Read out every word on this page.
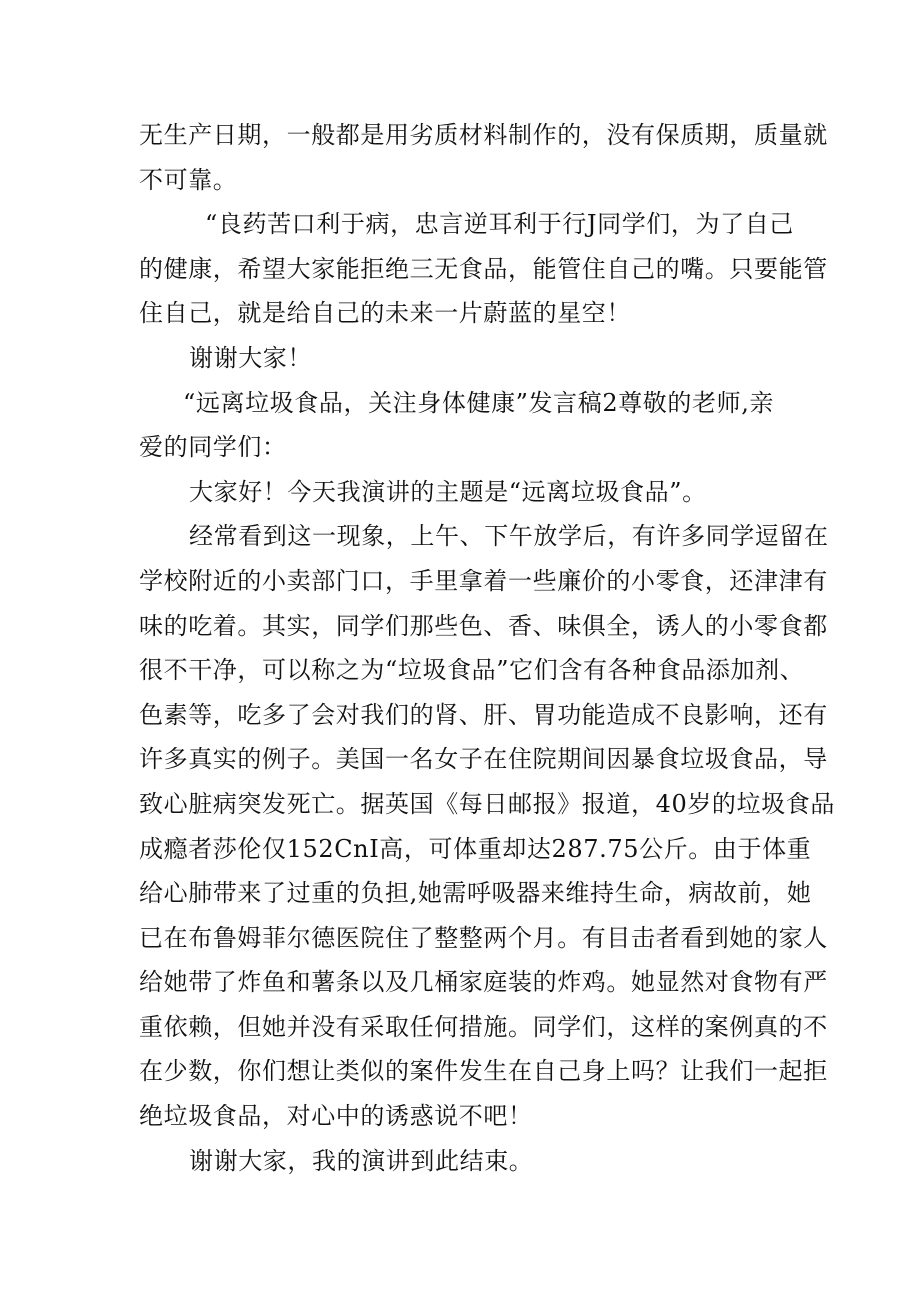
无生产日期，一般都是用劣质材料制作的，没有保质期，质量就
不可靠。
“良药苦口利于病，忠言逆耳利于行J同学们，为了自己
的健康，希望大家能拒绝三无食品，能管住自己的嘴。只要能管
住自己，就是给自己的未来一片蔚蓝的星空！
谢谢大家！
“远离垃圾食品，关注身体健康”发言稿2尊敬的老师,亲
爱的同学们：
大家好！今天我演讲的主题是“远离垃圾食品”。
经常看到这一现象，上午、下午放学后，有许多同学逗留在
学校附近的小卖部门口，手里拿着一些廉价的小零食，还津津有
味的吃着。其实，同学们那些色、香、味俱全，诱人的小零食都
很不干净，可以称之为“垃圾食品”它们含有各种食品添加剂、
色素等，吃多了会对我们的肾、肝、胃功能造成不良影响，还有
许多真实的例子。美国一名女子在住院期间因暴食垃圾食品，导
致心脏病突发死亡。据英国《每日邮报》报道，40岁的垃圾食品
成瘾者莎伦仅152CnI高，可体重却达287.75公斤。由于体重
给心肺带来了过重的负担,她需呼吸器来维持生命，病故前，她
已在布鲁姆菲尔德医院住了整整两个月。有目击者看到她的家人
给她带了炸鱼和薯条以及几桶家庭装的炸鸡。她显然对食物有严
重依赖，但她并没有采取任何措施。同学们，这样的案例真的不
在少数，你们想让类似的案件发生在自己身上吗？让我们一起拒
绝垃圾食品，对心中的诱惑说不吧！
谢谢大家，我的演讲到此结束。
